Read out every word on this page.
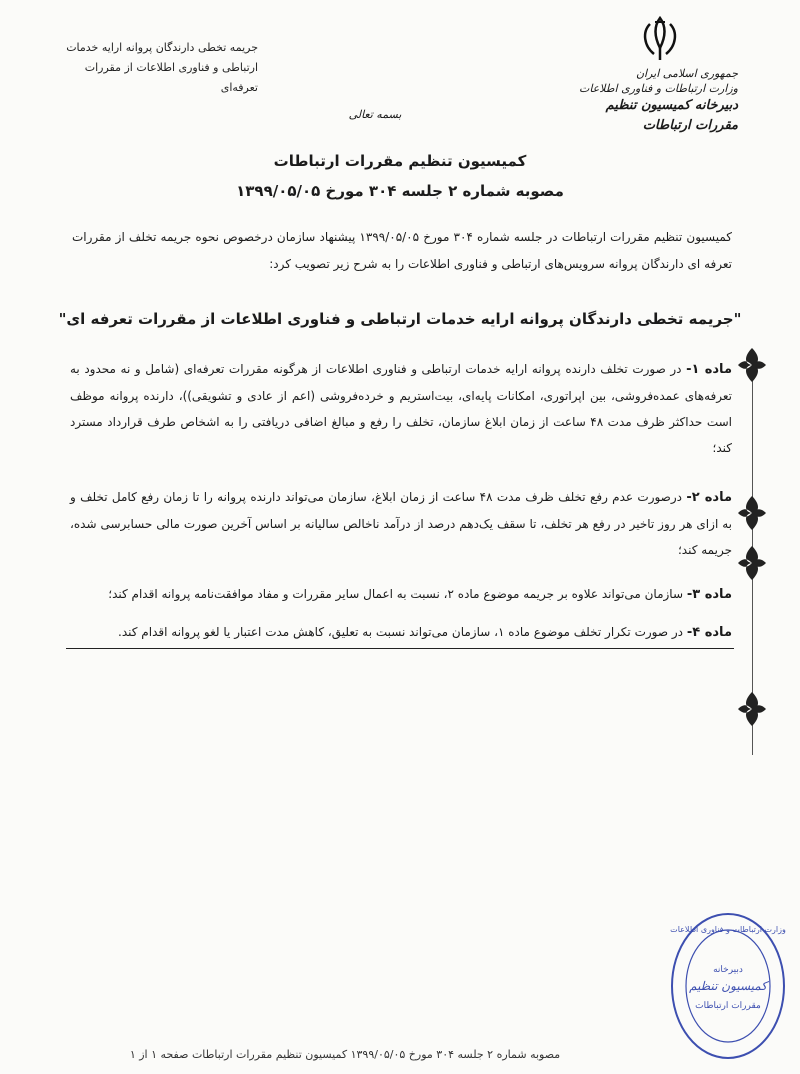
جریمه تخطی دارندگان پروانه ارایه خدمات
ارتباطی و فناوری اطلاعات از مقررات تعرفه‌ای
جمهوری اسلامی ایران
وزارت ارتباطات و فناوری اطلاعات
دبیرخانه کمیسیون تنظیم مقررات ارتباطات
بسمه تعالی
کمیسیون تنظیم مقررات ارتباطات
مصوبه شماره ۲ جلسه ۳۰۴ مورخ ۱۳۹۹/۰۵/۰۵
کمیسیون تنظیم مقررات ارتباطات در جلسه شماره ۳۰۴ مورخ ۱۳۹۹/۰۵/۰۵ پیشنهاد سازمان درخصوص نحوه جریمه تخلف از مقررات تعرفه ای دارندگان پروانه سرویس‌های ارتباطی و فناوری اطلاعات را به شرح زیر تصویب کرد:
"جریمه تخطی دارندگان پروانه ارایه خدمات ارتباطی و فناوری اطلاعات از مقررات تعرفه ای"
ماده ۱- در صورت تخلف دارنده پروانه ارایه خدمات ارتباطی و فناوری اطلاعات از هرگونه مقررات تعرفه‌ای (شامل و نه محدود به تعرفه‌های عمده‌فروشی، بین اپراتوری، امکانات پایه‌ای، بیت‌استریم و خرده‌فروشی (اعم از عادی و تشویقی))، دارنده پروانه موظف است حداکثر ظرف مدت ۴۸ ساعت از زمان ابلاغ سازمان، تخلف را رفع و مبالغ اضافی دریافتی را به اشخاص طرف قرارداد مسترد کند؛
ماده ۲- درصورت عدم رفع تخلف ظرف مدت ۴۸ ساعت از زمان ابلاغ، سازمان می‌تواند دارنده پروانه را تا زمان رفع کامل تخلف و به ازای هر روز تاخیر در رفع هر تخلف، تا سقف یک‌دهم درصد از درآمد ناخالص سالیانه بر اساس آخرین صورت مالی حسابرسی شده، جریمه کند؛
ماده ۳- سازمان می‌تواند علاوه بر جریمه موضوع ماده ۲، نسبت به اعمال سایر مقررات و مفاد موافقت‌نامه پروانه اقدام کند؛
ماده ۴- در صورت تکرار تخلف موضوع ماده ۱، سازمان می‌تواند نسبت به تعلیق، کاهش مدت اعتبار یا لغو پروانه اقدام کند.
وزارت ارتباطات و فناوری اطلاعات
دبیرخانه
کمیسیون تنظیم
مقررات ارتباطات
مصوبه شماره ۲ جلسه ۳۰۴ مورخ ۱۳۹۹/۰۵/۰۵ کمیسیون تنظیم مقررات ارتباطات صفحه ۱ از ۱
